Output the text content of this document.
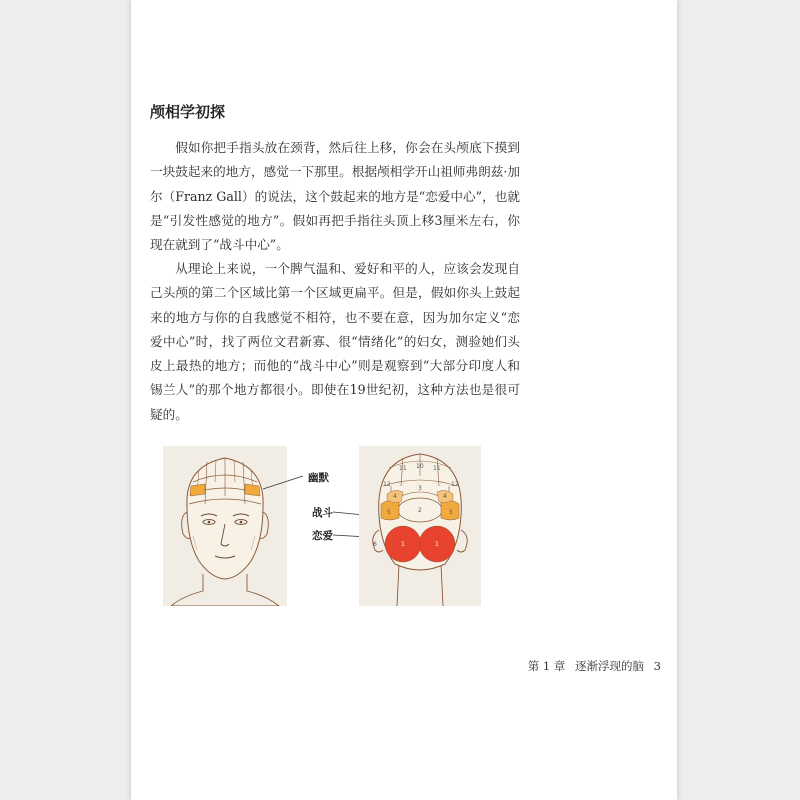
颅相学初探

假如你把手指头放在颈背，然后往上移，你会在头颅底下摸到一块鼓起来的地方，感觉一下那里。根据颅相学开山祖师弗朗兹·加尔（Franz Gall）的说法，这个鼓起来的地方是“恋爱中心”，也就是“引发性感觉的地方”。假如再把手指往头顶上移3厘米左右，你现在就到了“战斗中心”。

从理论上来说，一个脾气温和、爱好和平的人，应该会发现自己头颅的第二个区域比第一个区域更扁平。但是，假如你头上鼓起来的地方与你的自我感觉不相符，也不要在意，因为加尔定义“恋爱中心”时，找了两位文君新寡、很“情绪化”的妇女，测验她们头皮上最热的地方；而他的“战斗中心”则是观察到“大部分印度人和锡兰人”的那个地方都很小。即使在19世纪初，这种方法也是很可疑的。

幽默
战斗
恋爱
11 10 11
12	12
4	4
3
5	5
2
1	1
6
第 1 章 逐渐浮现的脑 3
